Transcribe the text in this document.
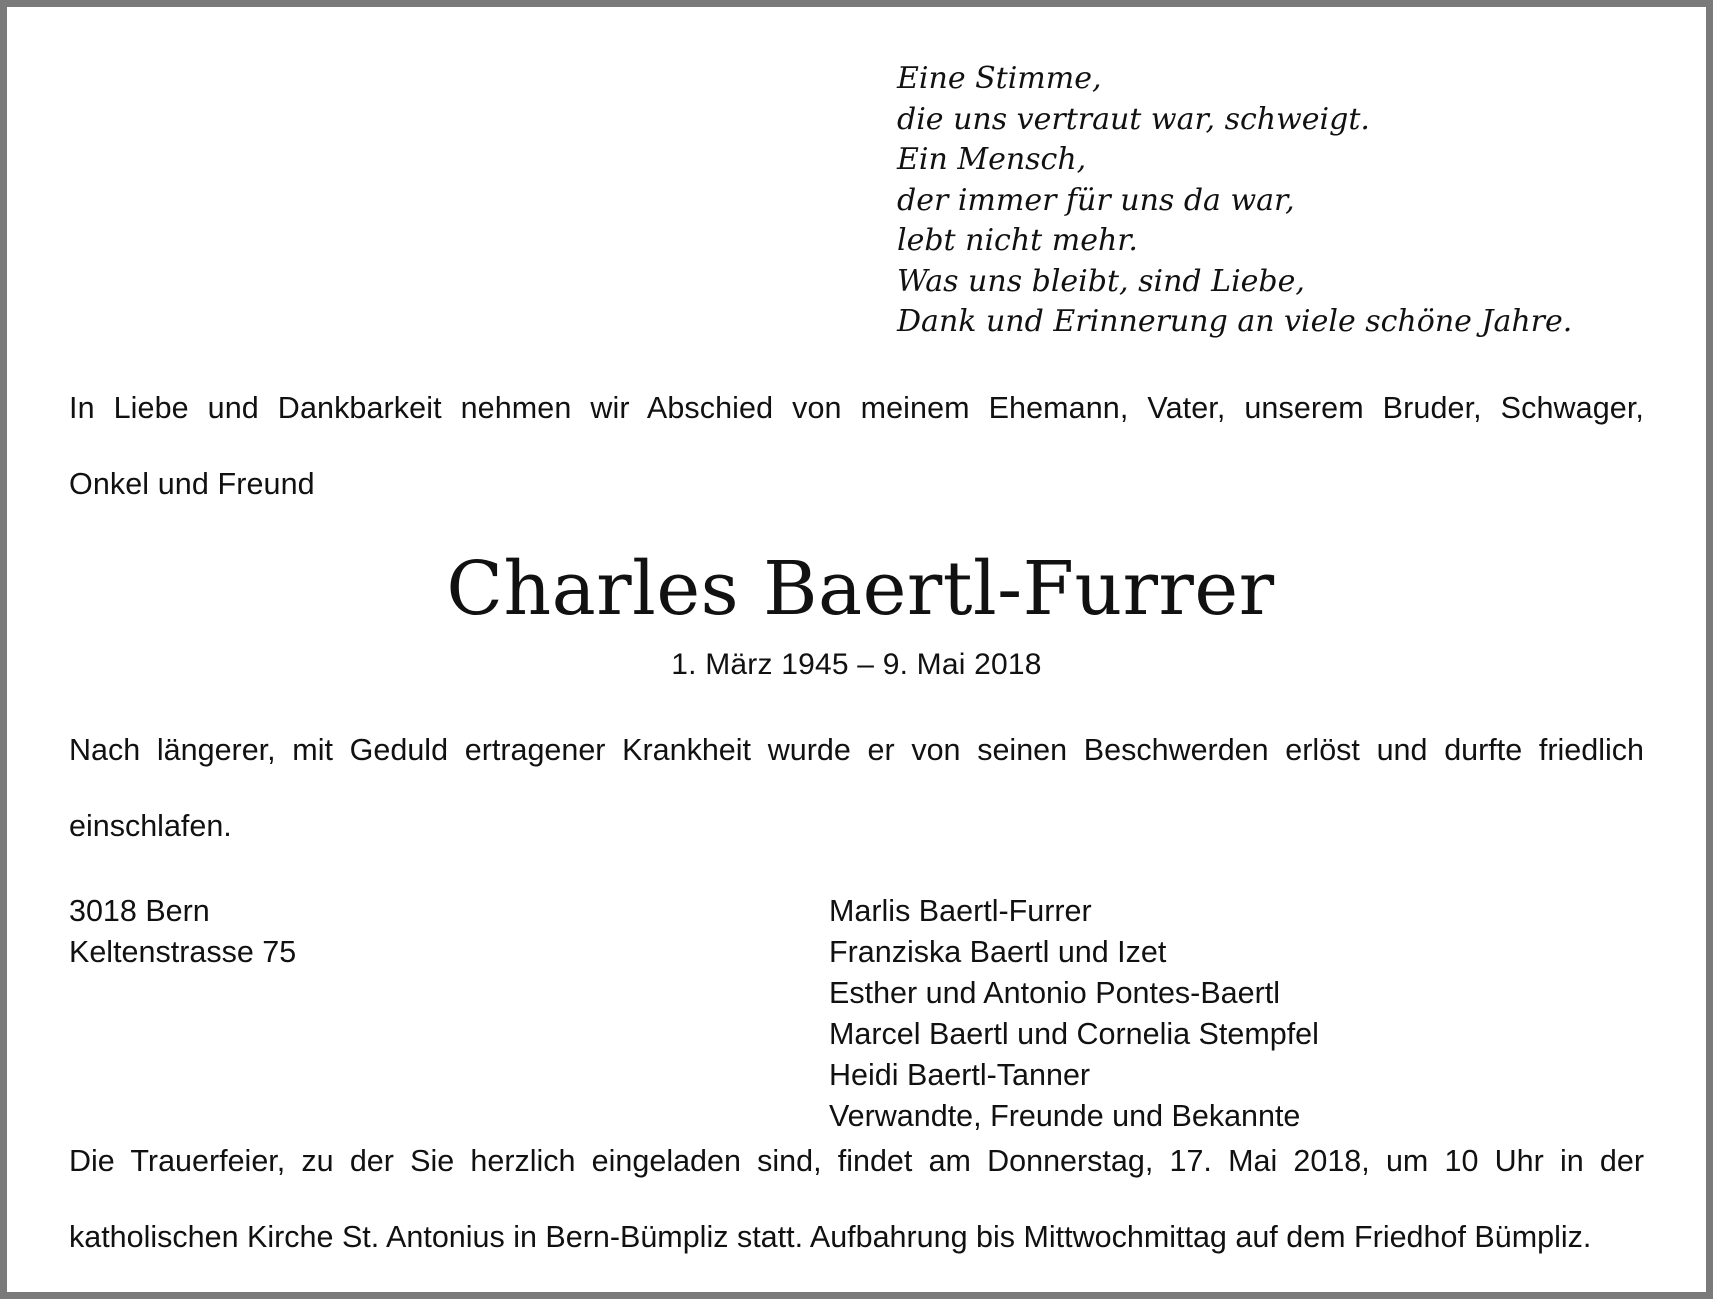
Eine Stimme,
die uns vertraut war, schweigt.
Ein Mensch,
der immer für uns da war,
lebt nicht mehr.
Was uns bleibt, sind Liebe,
Dank und Erinnerung an viele schöne Jahre.
In Liebe und Dankbarkeit nehmen wir Abschied von meinem Ehemann, Vater, unserem Bruder, Schwager,
Onkel und Freund
Charles Baertl-Furrer
1. März 1945 – 9. Mai 2018
Nach längerer, mit Geduld ertragener Krankheit wurde er von seinen Beschwerden erlöst und durfte friedlich
einschlafen.
3018 Bern
Keltenstrasse 75
Marlis Baertl-Furrer
Franziska Baertl und Izet
Esther und Antonio Pontes-Baertl
Marcel Baertl und Cornelia Stempfel
Heidi Baertl-Tanner
Verwandte, Freunde und Bekannte
Die Trauerfeier, zu der Sie herzlich eingeladen sind, findet am Donnerstag, 17. Mai 2018, um 10 Uhr in der
katholischen Kirche St. Antonius in Bern-Bümpliz statt. Aufbahrung bis Mittwochmittag auf dem Friedhof Bümpliz.
